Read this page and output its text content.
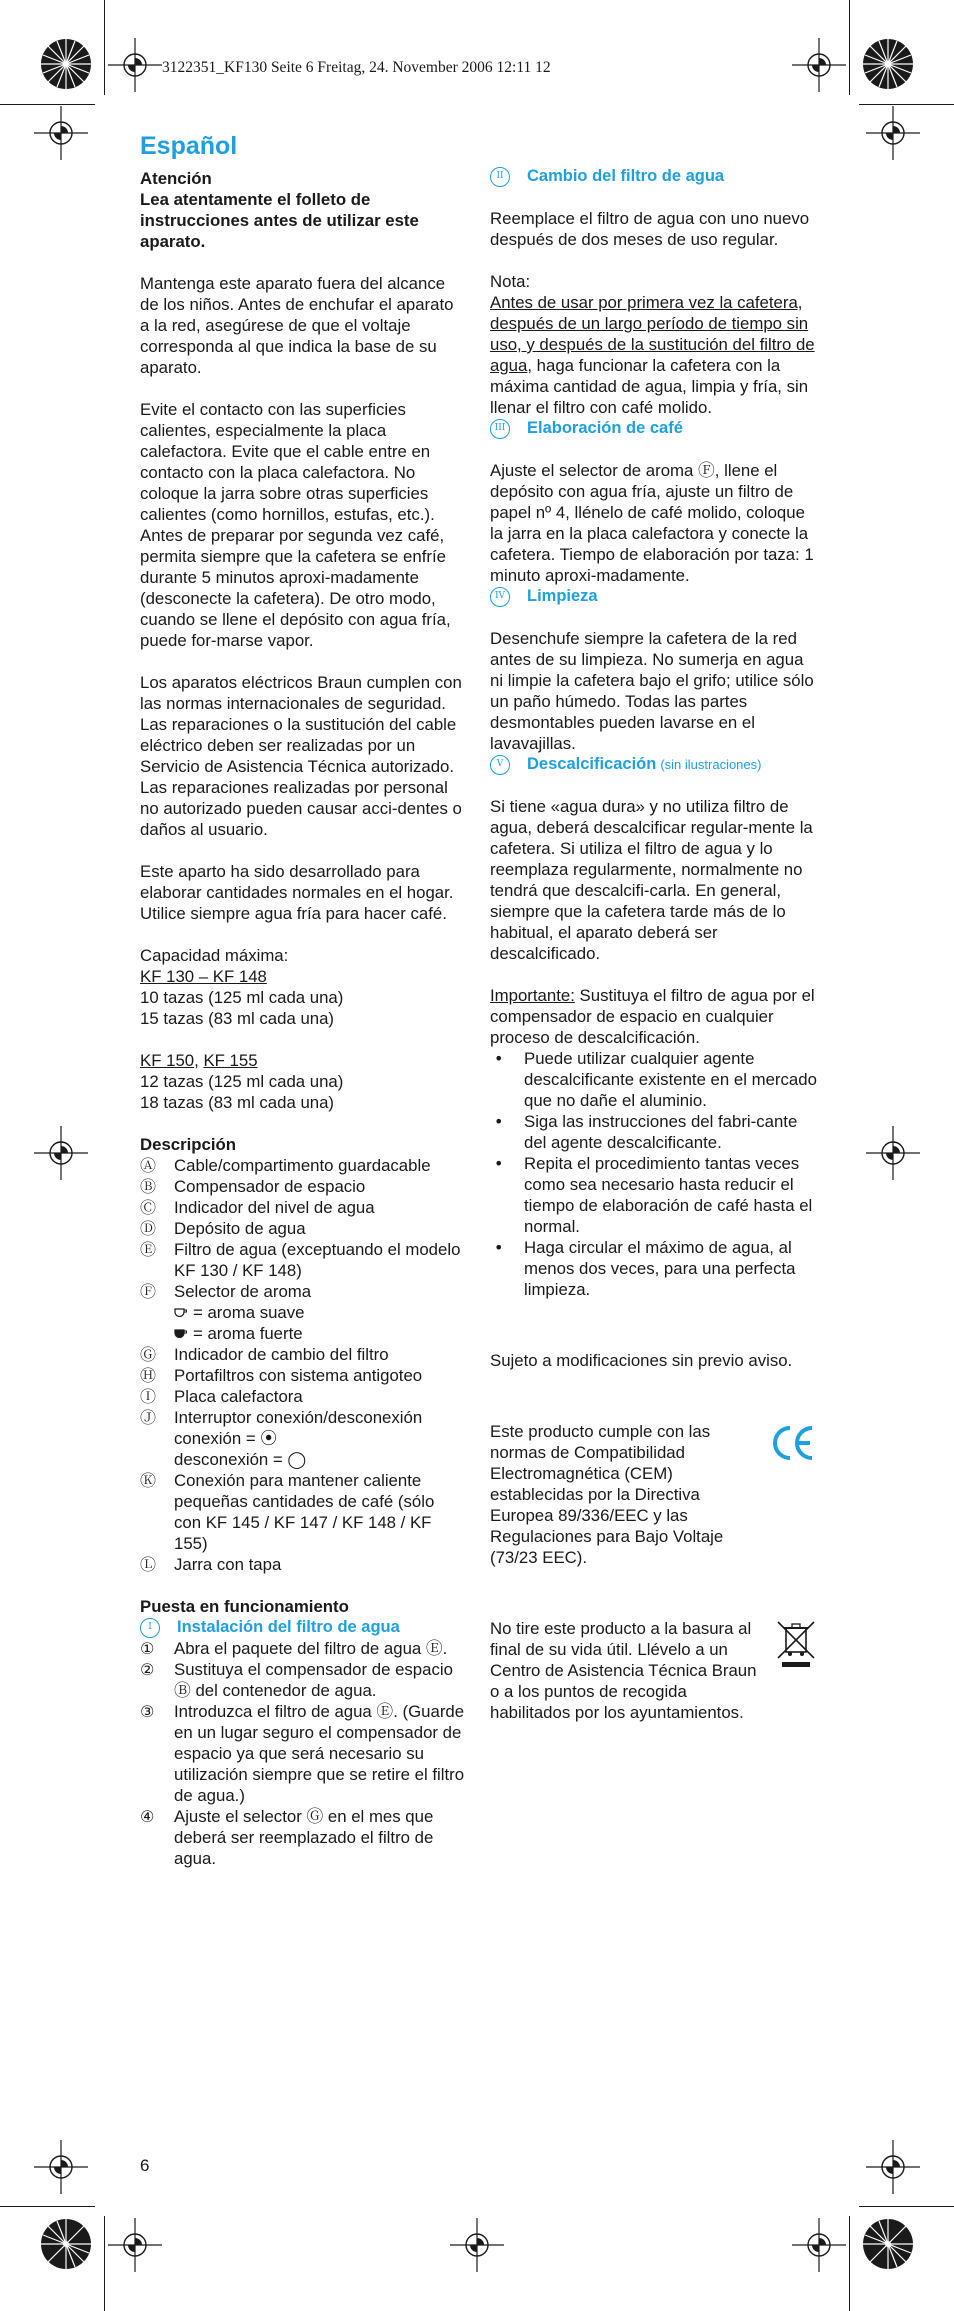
3122351_KF130 Seite 6 Freitag, 24. November 2006 12:11 12
Español

Atención

Lea atentamente el folleto de instrucciones antes de utilizar este aparato.

Mantenga este aparato fuera del alcance de los niños. Antes de enchufar el aparato a la red, asegúrese de que el voltaje corresponda al que indica la base de su aparato.

Evite el contacto con las superficies calientes, especialmente la placa calefactora. Evite que el cable entre en contacto con la placa calefactora. No coloque la jarra sobre otras superficies calientes (como hornillos, estufas, etc.).

Antes de preparar por segunda vez café, permita siempre que la cafetera se enfríe durante 5 minutos aproxi-madamente (desconecte la cafetera). De otro modo, cuando se llene el depósito con agua fría, puede for-marse vapor.

Los aparatos eléctricos Braun cumplen con las normas internacionales de seguridad. Las reparaciones o la sustitución del cable eléctrico deben ser realizadas por un Servicio de Asistencia Técnica autorizado. Las reparaciones realizadas por personal no autorizado pueden causar acci-dentes o daños al usuario.

Este aparto ha sido desarrollado para elaborar cantidades normales en el hogar. Utilice siempre agua fría para hacer café.

Capacidad máxima:

KF 130 – KF 148

10 tazas (125 ml cada una)

15 tazas (83 ml cada una)

KF 150, KF 155

12 tazas (125 ml cada una)

18 tazas (83 ml cada una)

Descripción

Ⓐ	Cable/compartimento guardacable
Ⓑ	Compensador de espacio
Ⓒ	Indicador del nivel de agua
Ⓓ	Depósito de agua
Ⓔ	Filtro de agua (exceptuando el modelo KF 130 / KF 148)
Ⓕ	Selector de aroma

= aroma suave

= aroma fuerte

Ⓖ	Indicador de cambio del filtro
Ⓗ	Portafiltros con sistema antigoteo
Ⓘ	Placa calefactora
Ⓙ	Interruptor conexión/desconexión

conexión = ⦿

desconexión = ◯

Ⓚ	Conexión para mantener caliente pequeñas cantidades de café (sólo con KF 145 / KF 147 / KF 148 / KF 155)
Ⓛ	Jarra con tapa

Puesta en funcionamiento

I	Instalación del filtro de agua

①	Abra el paquete del filtro de agua Ⓔ.
②	Sustituya el compensador de espacio Ⓑ del contenedor de agua.
③	Introduzca el filtro de agua Ⓔ. (Guarde en un lugar seguro el compensador de espacio ya que será necesario su utilización siempre que se retire el filtro de agua.)
④	Ajuste el selector Ⓖ en el mes que deberá ser reemplazado el filtro de agua.

II	Cambio del filtro de agua

Reemplace el filtro de agua con uno nuevo después de dos meses de uso regular.

Nota:

Antes de usar por primera vez la cafetera, después de un largo período de tiempo sin uso, y después de la sustitución del filtro de agua, haga funcionar la cafetera con la máxima cantidad de agua, limpia y fría, sin llenar el filtro con café molido.

III Elaboración de café

Ajuste el selector de aroma Ⓕ, llene el depósito con agua fría, ajuste un filtro de papel nº 4, llénelo de café molido, coloque la jarra en la placa calefactora y conecte la cafetera. Tiempo de elaboración por taza: 1 minuto aproxi-madamente.

IV	Limpieza

Desenchufe siempre la cafetera de la red antes de su limpieza. No sumerja en agua ni limpie la cafetera bajo el grifo; utilice sólo un paño húmedo. Todas las partes desmontables pueden lavarse en el lavavajillas.

V	Descalcificación (sin ilustraciones)

Si tiene «agua dura» y no utiliza filtro de agua, deberá descalcificar regular-mente la cafetera. Si utiliza el filtro de agua y lo reemplaza regularmente, normalmente no tendrá que descalcifi-carla. En general, siempre que la cafetera tarde más de lo habitual, el aparato deberá ser descalcificado.

Importante: Sustituya el filtro de agua por el compensador de espacio en cualquier proceso de descalcificación.

•	Puede utilizar cualquier agente descalcificante existente en el mercado que no dañe el aluminio.
•	Siga las instrucciones del fabri-cante del agente descalcificante.
•	Repita el procedimiento tantas veces como sea necesario hasta reducir el tiempo de elaboración de café hasta el normal.
•	Haga circular el máximo de agua, al menos dos veces, para una perfecta limpieza.

Sujeto a modificaciones sin previo aviso.

Este producto cumple con las normas de Compatibilidad Electromagnética (CEM) establecidas por la Directiva Europea 89/336/EEC y las Regulaciones para Bajo Voltaje (73/23 EEC).

No tire este producto a la basura al final de su vida útil. Llévelo a un Centro de Asistencia Técnica Braun o a los puntos de recogida habilitados por los ayuntamientos.

6
